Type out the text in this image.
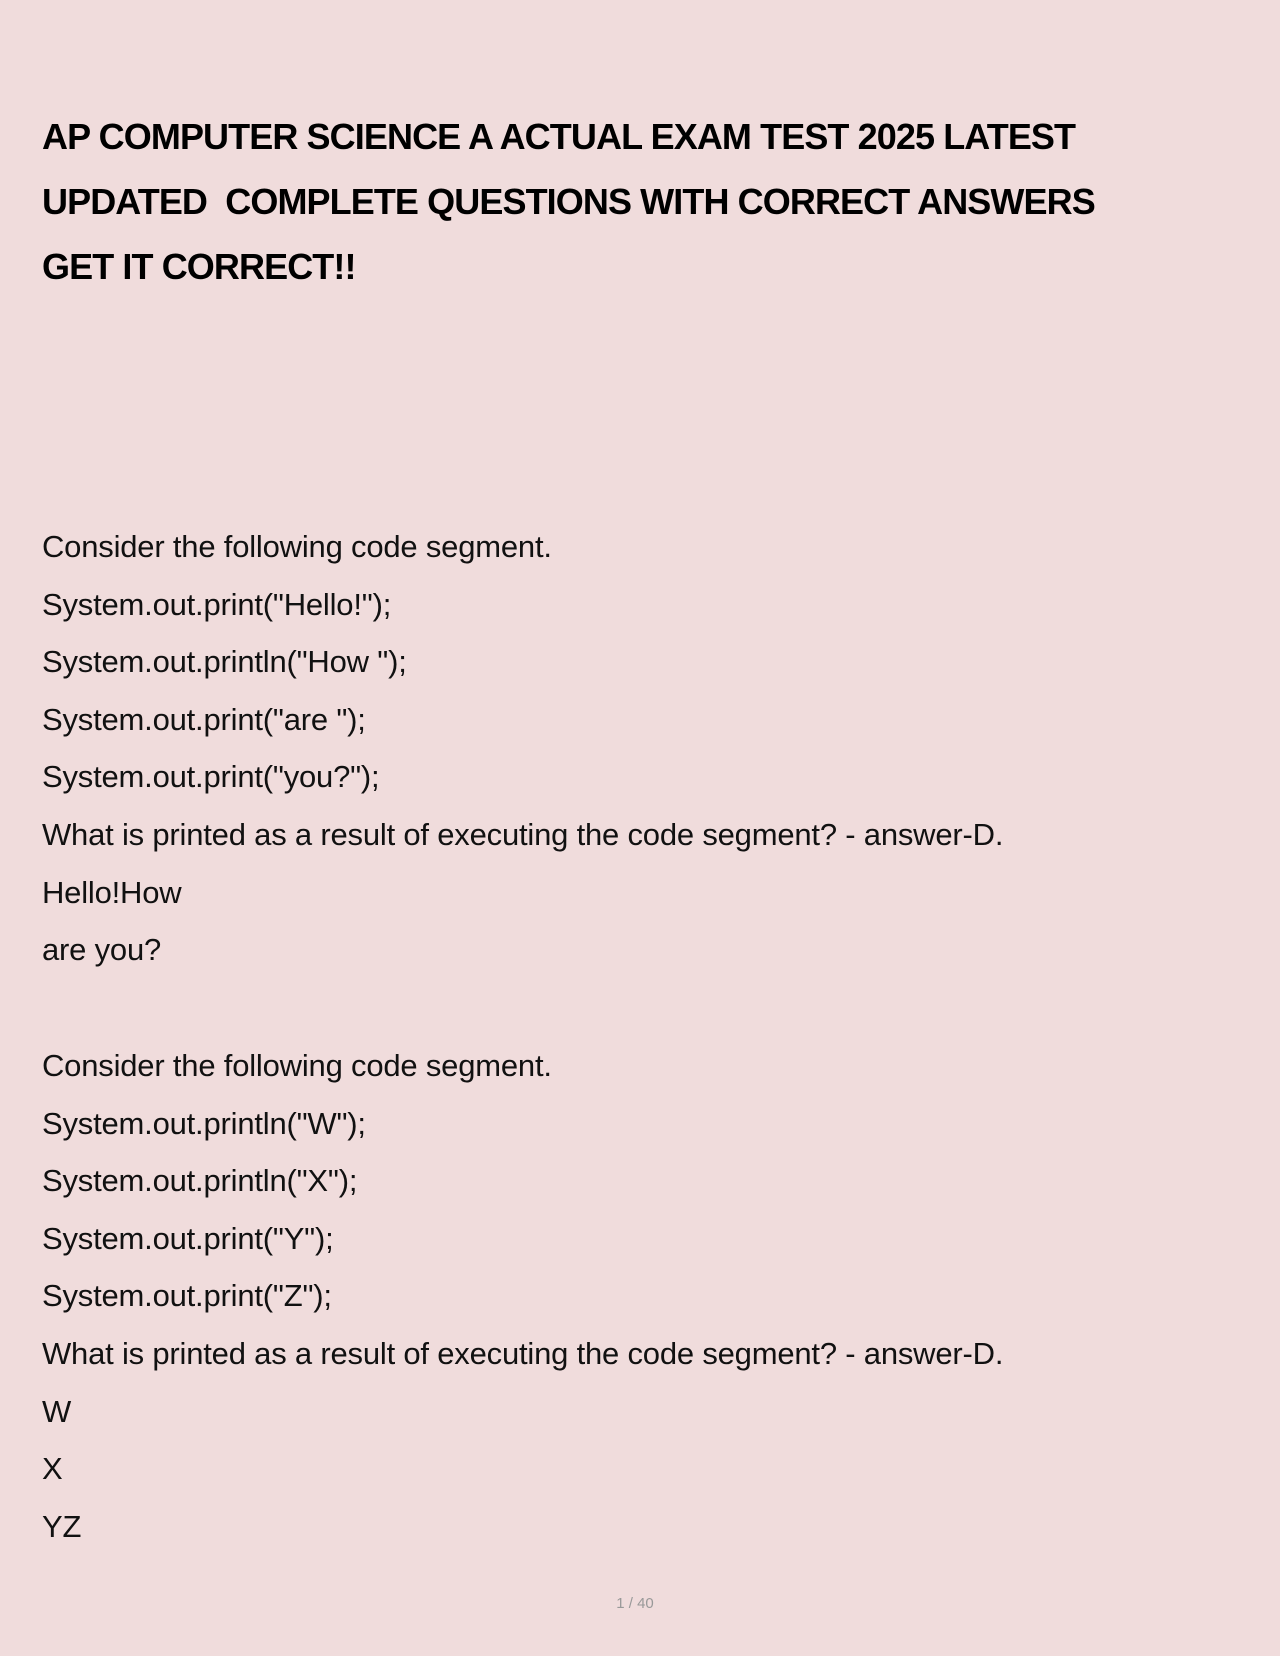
AP COMPUTER SCIENCE A ACTUAL EXAM TEST 2025 LATEST
UPDATED  COMPLETE QUESTIONS WITH CORRECT ANSWERS
GET IT CORRECT!!
Consider the following code segment.
System.out.print("Hello!");
System.out.println("How ");
System.out.print("are ");
System.out.print("you?");
What is printed as a result of executing the code segment? - answer-D.
Hello!How
are you?
Consider the following code segment.
System.out.println("W");
System.out.println("X");
System.out.print("Y");
System.out.print("Z");
What is printed as a result of executing the code segment? - answer-D.
W
X
YZ
1 / 40
